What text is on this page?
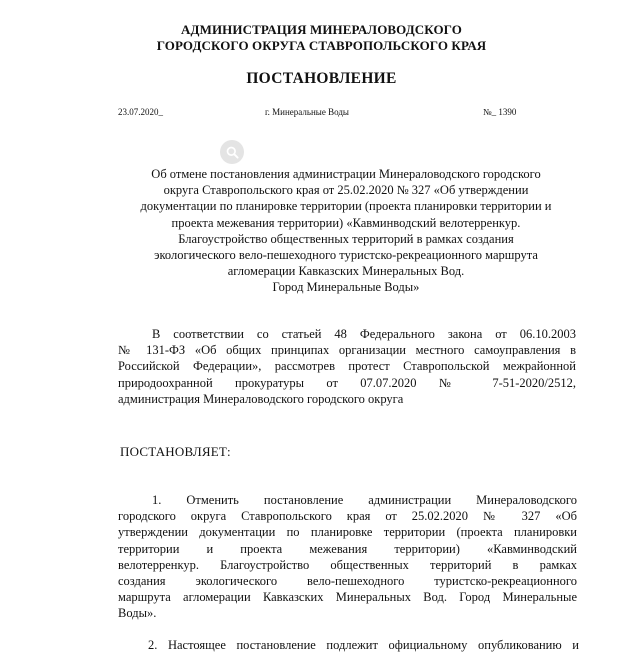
АДМИНИСТРАЦИЯ МИНЕРАЛОВОДСКОГО
ГОРОДСКОГО ОКРУГА СТАВРОПОЛЬСКОГО КРАЯ
ПОСТАНОВЛЕНИЕ
23.07.2020_	г. Минеральные Воды	№_ 1390
Об отмене постановления администрации Минераловодского городского
округа Ставропольского края от 25.02.2020 № 327 «Об утверждении
документации по планировке территории (проекта планировки территории и
проекта межевания территории) «Кавминводский велотерренкур.
Благоустройство общественных территорий в рамках создания
экологического вело-пешеходного туристско-рекреационного маршрута
агломерации Кавказских Минеральных Вод.
Город Минеральные Воды»
В соответствии со статьей 48 Федерального закона от 06.10.2003
№ 131-ФЗ «Об общих принципах организации местного самоуправления в
Российской Федерации», рассмотрев протест Ставропольской межрайонной
природоохранной прокуратуры от 07.07.2020 № 7-51-2020/2512,
администрация Минераловодского городского округа
ПОСТАНОВЛЯЕТ:
1. Отменить постановление администрации Минераловодского
городского округа Ставропольского края от 25.02.2020 № 327 «Об
утверждении документации по планировке территории (проекта планировки
территории и проекта межевания территории) «Кавминводский
велотерренкур. Благоустройство общественных территорий в рамках
создания экологического вело-пешеходного туристско-рекреационного
маршрута агломерации Кавказских Минеральных Вод. Город Минеральные
Воды».
2. Настоящее постановление подлежит официальному опубликованию и
